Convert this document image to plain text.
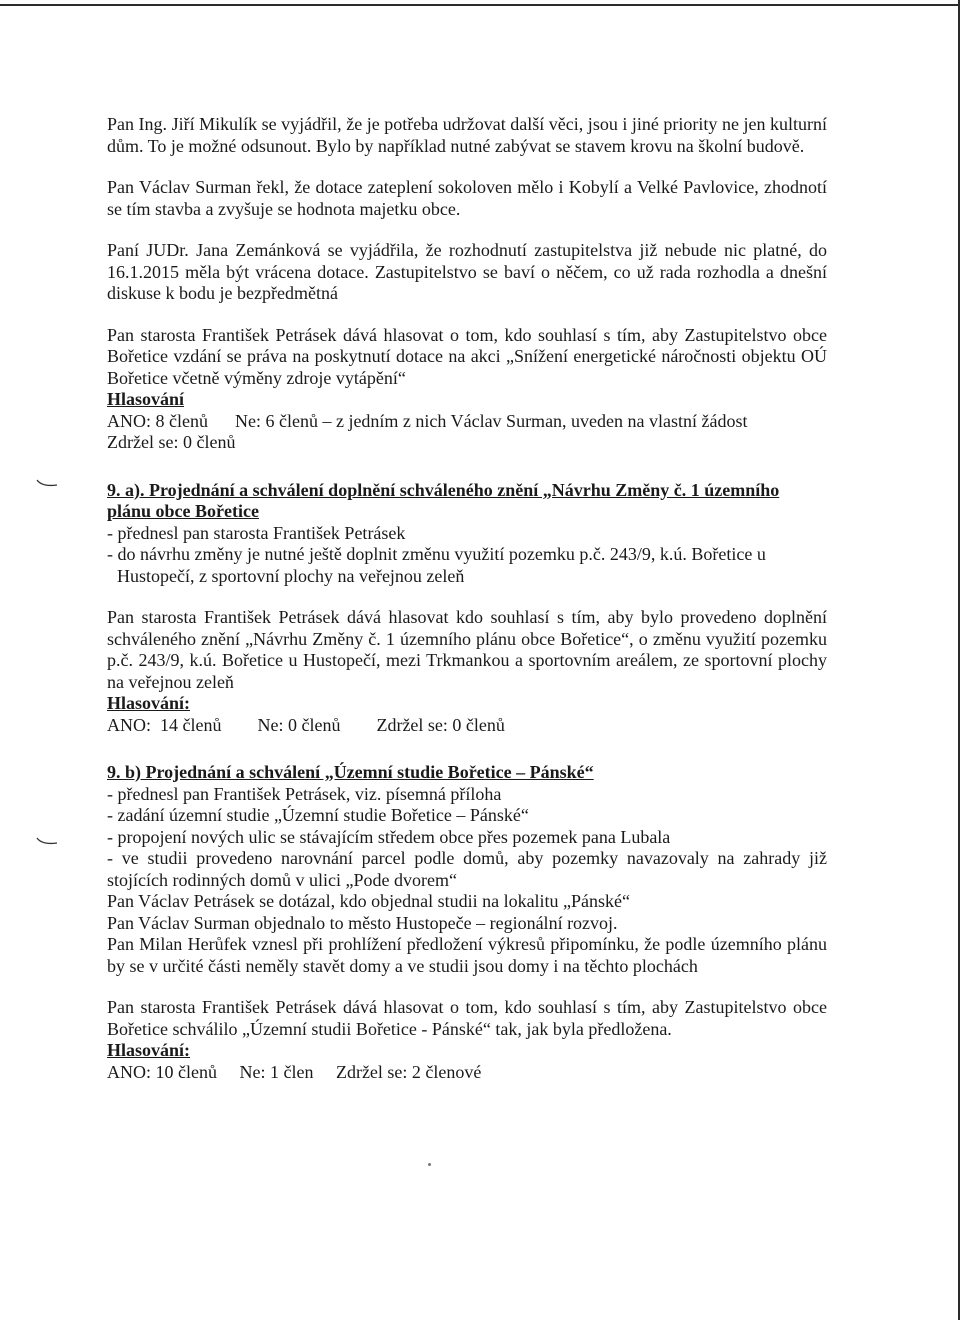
Pan Ing. Jiří Mikulík se vyjádřil, že je potřeba udržovat další věci, jsou i jiné priority ne jen kulturní dům. To je možné odsunout. Bylo by například nutné zabývat se stavem krovu na školní budově.

Pan Václav Surman řekl, že dotace zateplení sokoloven mělo i Kobylí a Velké Pavlovice, zhodnotí se tím stavba a zvyšuje se hodnota majetku obce.

Paní JUDr. Jana Zemánková se vyjádřila, že rozhodnutí zastupitelstva již nebude nic platné, do 16.1.2015 měla být vrácena dotace. Zastupitelstvo se baví o něčem, co už rada rozhodla a dnešní diskuse k bodu je bezpředmětná

Pan starosta František Petrásek dává hlasovat o tom, kdo souhlasí s tím, aby Zastupitelstvo obce Bořetice vzdání se práva na poskytnutí dotace na akci „Snížení energetické náročnosti objektu OÚ Bořetice včetně výměny zdroje vytápění“

Hlasování

ANO: 8 členů Ne: 6 členů – z jedním z nich Václav Surman, uveden na vlastní žádost

Zdržel se: 0 členů

9. a). Projednání a schválení doplnění schváleného znění „Návrhu Změny č. 1 územního plánu obce Bořetice

- přednesl pan starosta František Petrásek

- do návrhu změny je nutné ještě doplnit změnu využití pozemku p.č. 243/9, k.ú. Bořetice u

Hustopečí, z sportovní plochy na veřejnou zeleň

Pan starosta František Petrásek dává hlasovat kdo souhlasí s tím, aby bylo provedeno doplnění schváleného znění „Návrhu Změny č. 1 územního plánu obce Bořetice“, o změnu využití pozemku p.č. 243/9, k.ú. Bořetice u Hustopečí, mezi Trkmankou a sportovním areálem, ze sportovní plochy na veřejnou zeleň

Hlasování:

ANO:  14 členů Ne: 0 členů Zdržel se: 0 členů

9. b) Projednání a schválení „Územní studie Bořetice – Pánské“

- přednesl pan František Petrásek, viz. písemná příloha

- zadání územní studie „Územní studie Bořetice – Pánské“

- propojení nových ulic se stávajícím středem obce přes pozemek pana Lubala

- ve studii provedeno narovnání parcel podle domů, aby pozemky navazovaly na zahrady již stojících rodinných domů v ulici „Pode dvorem“

Pan Václav Petrásek se dotázal, kdo objednal studii na lokalitu „Pánské“

Pan Václav Surman objednalo to město Hustopeče – regionální rozvoj.

Pan Milan Herůfek vznesl při prohlížení předložení výkresů připomínku, že podle územního plánu by se v určité části neměly stavět domy a ve studii jsou domy i na těchto plochách

Pan starosta František Petrásek dává hlasovat o tom, kdo souhlasí s tím, aby Zastupitelstvo obce Bořetice schválilo „Územní studii Bořetice - Pánské“ tak, jak byla předložena.

Hlasování:

ANO: 10 členů Ne: 1 člen Zdržel se: 2 členové
